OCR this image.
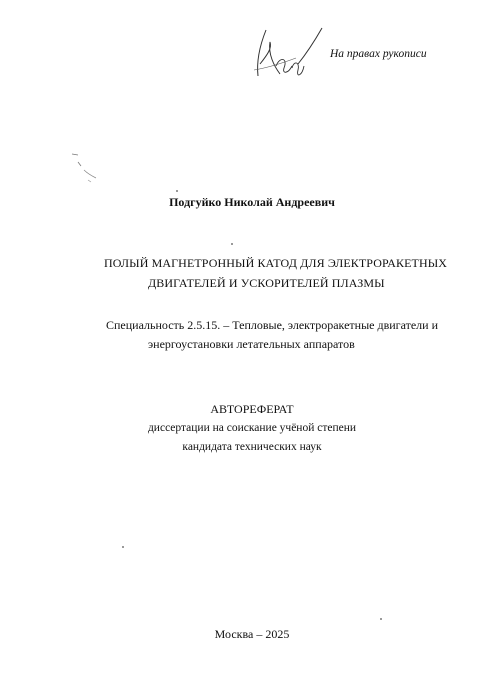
На правах рукописи
Подгуйко Николай Андреевич
ПОЛЫЙ МАГНЕТРОННЫЙ КАТОД ДЛЯ ЭЛЕКТРОРАКЕТНЫХ
ДВИГАТЕЛЕЙ И УСКОРИТЕЛЕЙ ПЛАЗМЫ
Специальность 2.5.15. – Тепловые, электроракетные двигатели и
энергоустановки летательных аппаратов
АВТОРЕФЕРАТ
диссертации на соискание учёной степени
кандидата технических наук
Москва – 2025
